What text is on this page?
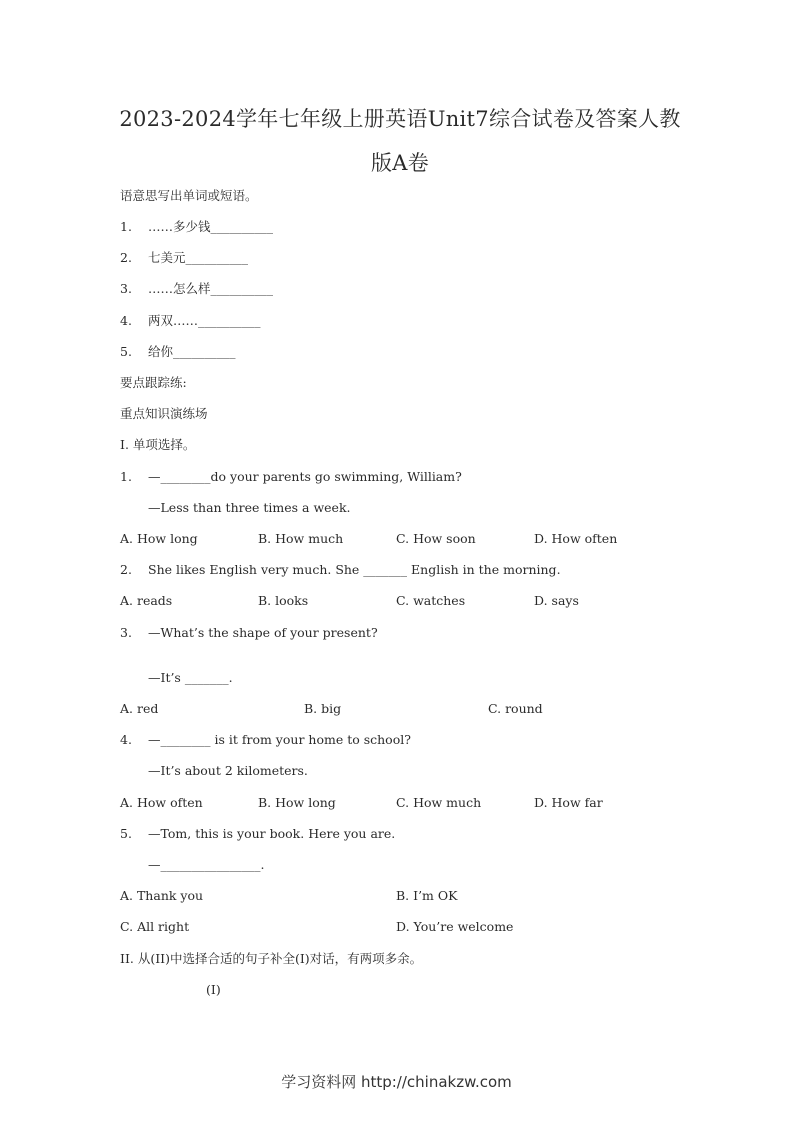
2023-2024学年七年级上册英语Unit7综合试卷及答案人教
版A卷
语意思写出单词或短语。
1. ……多少钱__________
2. 七美元__________
3. ……怎么样__________
4. 两双……__________
5. 给你__________
要点跟踪练:
重点知识演练场
I. 单项选择。
1. —________do your parents go swimming, William?
—Less than three times a week.
A. How long	B. How much	C. How soon	D. How often
2. She likes English very much. She _______ English in the morning.
A. reads	B. looks	C. watches	D. says
3. —What’s the shape of your present?
—It’s _______.
A. red	B. big	C. round
4. —________ is it from your home to school?
—It’s about 2 kilometers.
A. How often	B. How long	C. How much	D. How far
5. —Tom, this is your book. Here you are.
—________________.
A. Thank you	B. I’m OK
C. All right	D. You’re welcome
II. 从(II)中选择合适的句子补全(I)对话，有两项多余。
(I)
学习资料网 http://chinakzw.com
